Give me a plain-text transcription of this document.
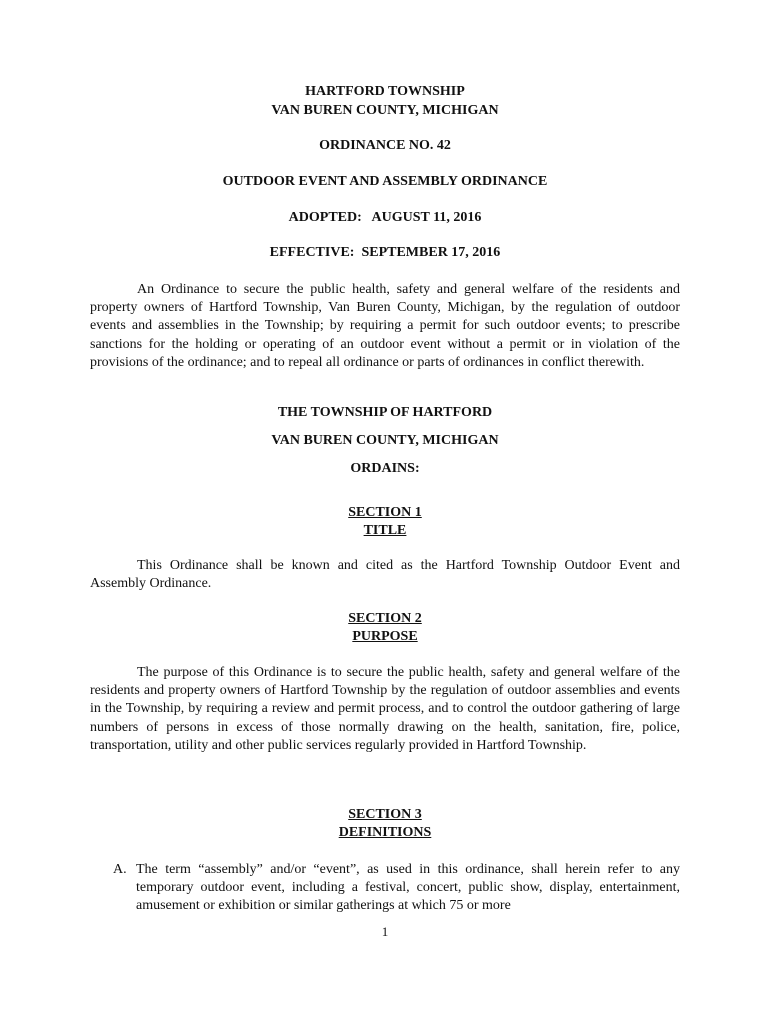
HARTFORD TOWNSHIP
VAN BUREN COUNTY, MICHIGAN
ORDINANCE NO. 42
OUTDOOR EVENT AND ASSEMBLY ORDINANCE
ADOPTED:   AUGUST 11, 2016
EFFECTIVE:  SEPTEMBER 17, 2016
An Ordinance to secure the public health, safety and general welfare of the residents and property owners of Hartford Township, Van Buren County, Michigan, by the regulation of outdoor events and assemblies in the Township; by requiring a permit for such outdoor events; to prescribe sanctions for the holding or operating of an outdoor event without a permit or in violation of the provisions of the ordinance; and to repeal all ordinance or parts of ordinances in conflict therewith.
THE TOWNSHIP OF HARTFORD
VAN BUREN COUNTY, MICHIGAN
ORDAINS:
SECTION 1
TITLE
This Ordinance shall be known and cited as the Hartford Township Outdoor Event and Assembly Ordinance.
SECTION 2
PURPOSE
The purpose of this Ordinance is to secure the public health, safety and general welfare of the residents and property owners of Hartford Township by the regulation of outdoor assemblies and events in the Township, by requiring a review and permit process, and to control the outdoor gathering of large numbers of persons in excess of those normally drawing on the health, sanitation, fire, police, transportation, utility and other public services regularly provided in Hartford Township.
SECTION 3
DEFINITIONS
A. The term “assembly” and/or “event”, as used in this ordinance, shall herein refer to any temporary outdoor event, including a festival, concert, public show, display, entertainment, amusement or exhibition or similar gatherings at which 75 or more
1
